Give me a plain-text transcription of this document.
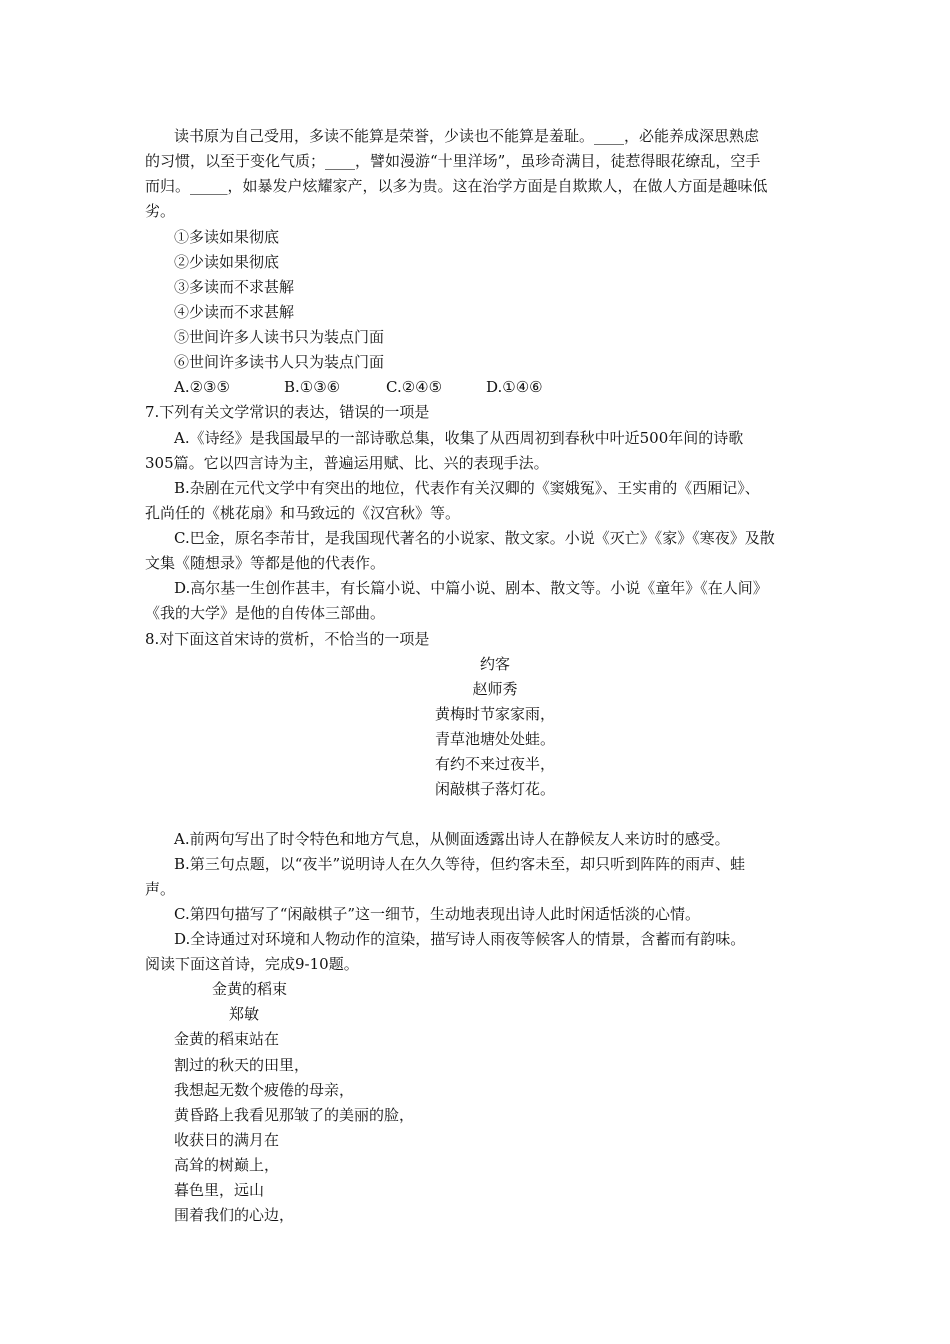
读书原为自己受用，多读不能算是荣誉，少读也不能算是羞耻。____，必能养成深思熟虑
的习惯，以至于变化气质；____，譬如漫游“十里洋场”，虽珍奇满目，徒惹得眼花缭乱，空手
而归。_____，如暴发户炫耀家产，以多为贵。这在治学方面是自欺欺人，在做人方面是趣味低
劣。
①多读如果彻底
②少读如果彻底
③多读而不求甚解
④少读而不求甚解
⑤世间许多人读书只为装点门面
⑥世间许多读书人只为装点门面
A.②③⑤	B.①③⑥	C.②④⑤	D.①④⑥
7.下列有关文学常识的表达，错误的一项是
A.《诗经》是我国最早的一部诗歌总集，收集了从西周初到春秋中叶近500年间的诗歌
305篇。它以四言诗为主，普遍运用赋、比、兴的表现手法。
B.杂剧在元代文学中有突出的地位，代表作有关汉卿的《窦娥冤》、王实甫的《西厢记》、
孔尚任的《桃花扇》和马致远的《汉宫秋》等。
C.巴金，原名李芾甘，是我国现代著名的小说家、散文家。小说《灭亡》《家》《寒夜》及散
文集《随想录》等都是他的代表作。
D.高尔基一生创作甚丰，有长篇小说、中篇小说、剧本、散文等。小说《童年》《在人间》
《我的大学》是他的自传体三部曲。
8.对下面这首宋诗的赏析，不恰当的一项是
约客
赵师秀
黄梅时节家家雨，
青草池塘处处蛙。
有约不来过夜半，
闲敲棋子落灯花。
A.前两句写出了时令特色和地方气息，从侧面透露出诗人在静候友人来访时的感受。
B.第三句点题，以“夜半”说明诗人在久久等待，但约客未至，却只听到阵阵的雨声、蛙
声。
C.第四句描写了“闲敲棋子”这一细节，生动地表现出诗人此时闲适恬淡的心情。
D.全诗通过对环境和人物动作的渲染，描写诗人雨夜等候客人的情景，含蓄而有韵味。
阅读下面这首诗，完成9-10题。
金黄的稻束
郑敏
金黄的稻束站在
割过的秋天的田里，
我想起无数个疲倦的母亲，
黄昏路上我看见那皱了的美丽的脸，
收获日的满月在
高耸的树巅上，
暮色里，远山
围着我们的心边，
